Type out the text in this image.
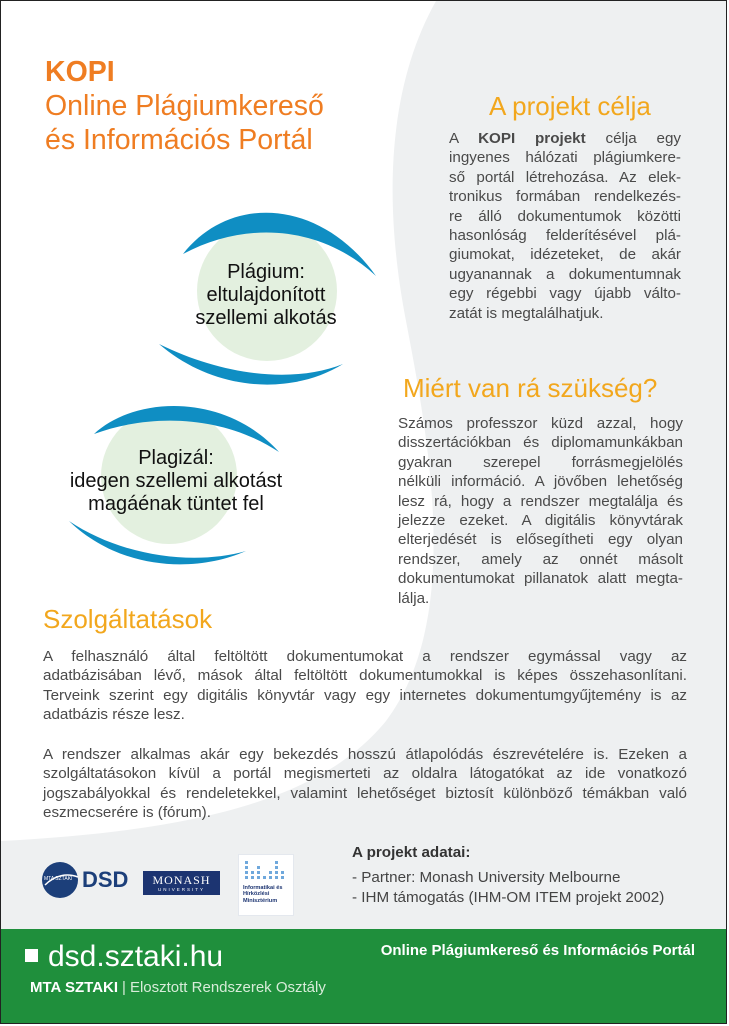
KOPI
Online Plágiumkereső
és Információs Portál
Plágium:
eltulajdonított
szellemi alkotás
Plagizál:
idegen szellemi alkotást
magáénak tüntet fel
A projekt célja
A KOPI projekt célja egy
ingyenes hálózati plágiumkere-
ső portál létrehozása. Az elek-
tronikus formában rendelkezés-
re álló dokumentumok közötti
hasonlóság felderítésével plá-
giumokat, idézeteket, de akár
ugyanannak a dokumentumnak
egy régebbi vagy újabb válto-
zatát is megtalálhatjuk.
Miért van rá szükség?
Számos professzor küzd azzal, hogy
disszertációkban és diplomamunkákban
gyakran szerepel forrásmegjelölés
nélküli információ. A jövőben lehetőség
lesz rá, hogy a rendszer megtalálja és
jelezze ezeket. A digitális könyvtárak
elterjedését is elősegítheti egy olyan
rendszer, amely az onnét másolt
dokumentumokat pillanatok alatt megta-
lálja.
Szolgáltatások
A felhasználó által feltöltött dokumentumokat a rendszer egymással vagy az
adatbázisában lévő, mások által feltöltött dokumentumokkal is képes összehasonlítani.
Terveink szerint egy digitális könyvtár vagy egy internetes dokumentumgyűjtemény is az
adatbázis része lesz.
A rendszer alkalmas akár egy bekezdés hosszú átlapolódás észrevételére is. Ezeken a
szolgáltatásokon kívül a portál megismerteti az oldalra látogatókat az ide vonatkozó
jogszabályokkal és rendeletekkel, valamint lehetőséget biztosít különböző témákban való
eszmecserére is (fórum).
MTA SZTAKI DSD	MONASH
UNIVERSITY	Informatikai és
Hírközlési
Minisztérium

A projekt adatai:

- Partner: Monash University Melbourne
- IHM támogatás (IHM-OM ITEM projekt 2002)
dsd.sztaki.hu	Online Plágiumkereső és Információs Portál
MTA SZTAKI | Elosztott Rendszerek Osztály
